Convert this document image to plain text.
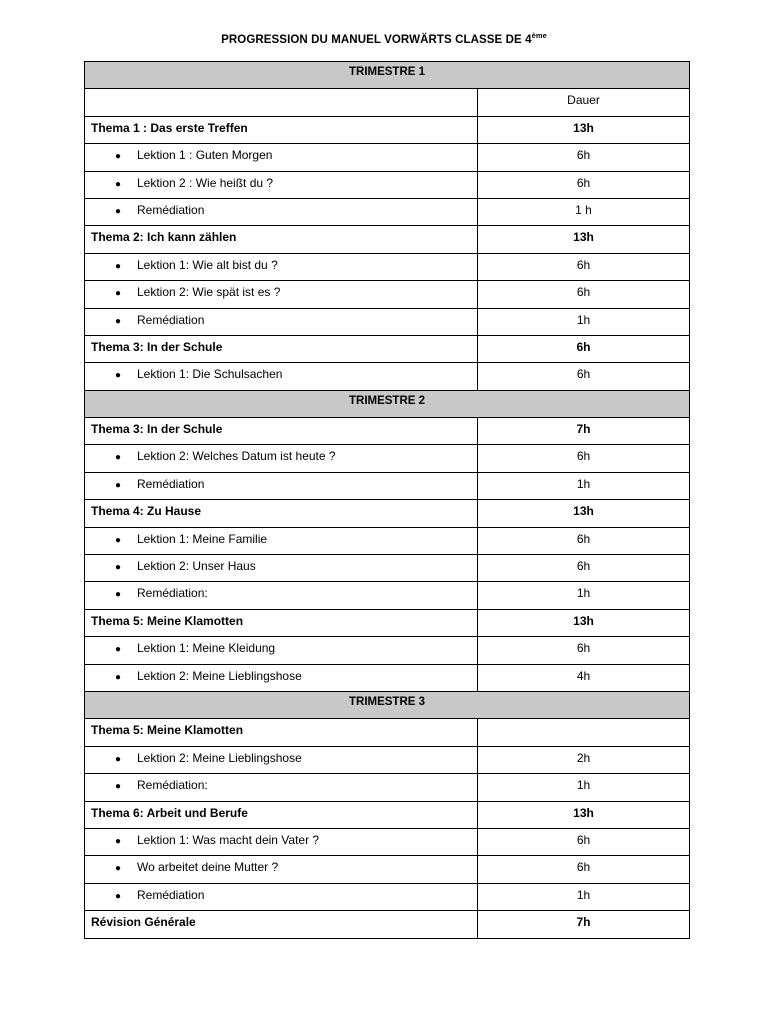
PROGRESSION DU MANUEL VORWÄRTS CLASSE DE 4ème
TRIMESTRE 1	
	Dauer
Thema 1 : Das erste Treffen	13h
● Lektion 1 : Guten Morgen	6h
● Lektion 2 : Wie heißt du ?	6h
● Remédiation	1 h
Thema 2: Ich kann zählen	13h
● Lektion 1: Wie alt bist du ?	6h
● Lektion 2: Wie spät ist es ?	6h
● Remédiation	1h
Thema 3: In der Schule	6h
● Lektion 1: Die Schulsachen	6h
TRIMESTRE 2	
Thema 3: In der Schule	7h
● Lektion 2: Welches Datum ist heute ?	6h
● Remédiation	1h
Thema 4: Zu Hause	13h
● Lektion 1: Meine Familie	6h
● Lektion 2: Unser Haus	6h
● Remédiation:	1h
Thema 5: Meine Klamotten	13h
● Lektion 1: Meine Kleidung	6h
● Lektion 2: Meine Lieblingshose	4h
TRIMESTRE 3	
Thema 5: Meine Klamotten	
● Lektion 2: Meine Lieblingshose	2h
● Remédiation:	1h
Thema 6: Arbeit und Berufe	13h
● Lektion 1: Was macht dein Vater ?	6h
● Wo arbeitet deine Mutter ?	6h
● Remédiation	1h
Révision Générale	7h
